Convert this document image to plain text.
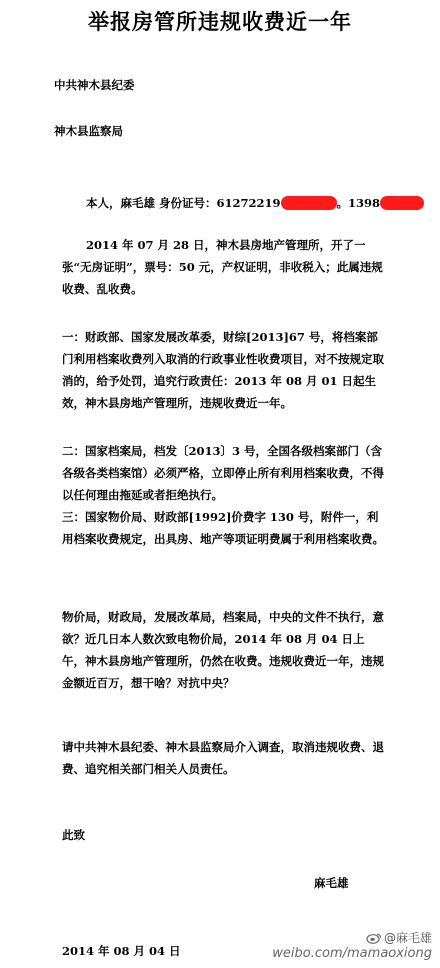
举报房管所违规收费近一年
中共神木县纪委
神木县监察局
本人，麻毛雄 身份证号：61272219	。1398
2014 年 07 月 28 日，神木县房地产管理所，开了一张“无房证明”，票号：50 元，产权证明，非收税入；此属违规收费、乱收费。
一：财政部、国家发展改革委，财综[2013]67 号，将档案部门利用档案收费列入取消的行政事业性收费项目，对不按规定取消的，给予处罚，追究行政责任：2013 年 08 月 01 日起生效，神木县房地产管理所，违规收费近一年。
二：国家档案局，档发〔2013〕3 号，全国各级档案部门（含各级各类档案馆）必须严格，立即停止所有利用档案收费，不得以任何理由拖延或者拒绝执行。
三：国家物价局、财政部[1992]价费字 130 号，附件一，利用档案收费规定，出具房、地产等项证明费属于利用档案收费。
物价局，财政局，发展改革局，档案局，中央的文件不执行，意欲？近几日本人数次致电物价局，2014 年 08 月 04 日上午，神木县房地产管理所，仍然在收费。违规收费近一年，违规金额近百万，想干啥？对抗中央？
请中共神木县纪委、神木县监察局介入调查，取消违规收费、退费、追究相关部门相关人员责任。
此致
麻毛雄
2014 年 08 月 04 日
@麻毛雄
weibo.com/mamaoxiong
